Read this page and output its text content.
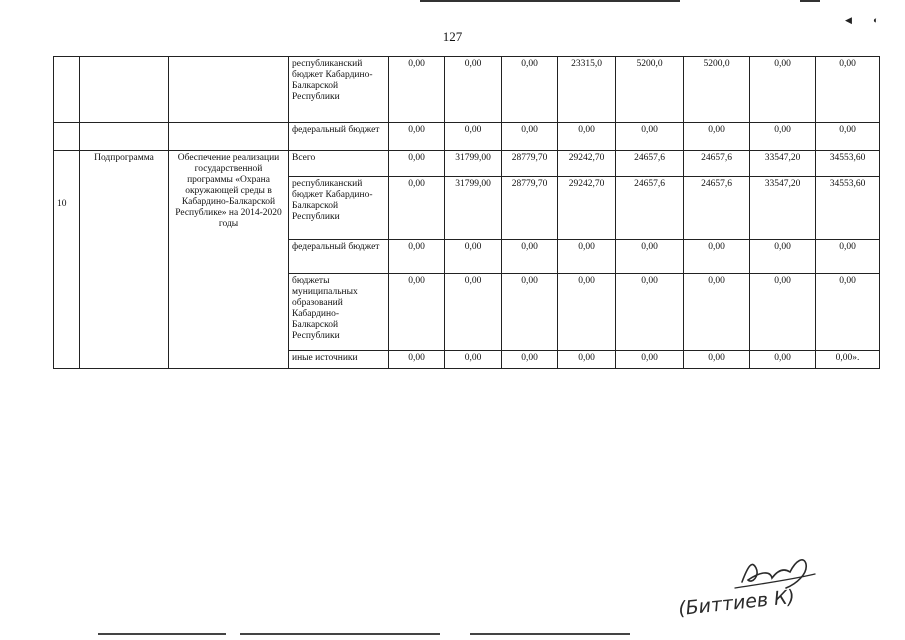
◀ ◐
127
			республиканский бюджет Кабардино-Балкарской Республики	0,00	0,00	0,00	23315,0	5200,0	5200,0	0,00	0,00
			федеральный бюджет	0,00	0,00	0,00	0,00	0,00	0,00	0,00	0,00
10	Подпрограмма	Обеспечение реализации государственной программы «Охрана окружающей среды в Кабардино-Балкарской Республике» на 2014-2020 годы	Всего	0,00	31799,00	28779,70	29242,70	24657,6	24657,6	33547,20	34553,60
			республиканский бюджет Кабардино-Балкарской Республики	0,00	31799,00	28779,70	29242,70	24657,6	24657,6	33547,20	34553,60
			федеральный бюджет	0,00	0,00	0,00	0,00	0,00	0,00	0,00	0,00
			бюджеты муниципальных образований Кабардино-Балкарской Республики	0,00	0,00	0,00	0,00	0,00	0,00	0,00	0,00
			иные источники	0,00	0,00	0,00	0,00	0,00	0,00	0,00	0,00».
(Биттиев К)
